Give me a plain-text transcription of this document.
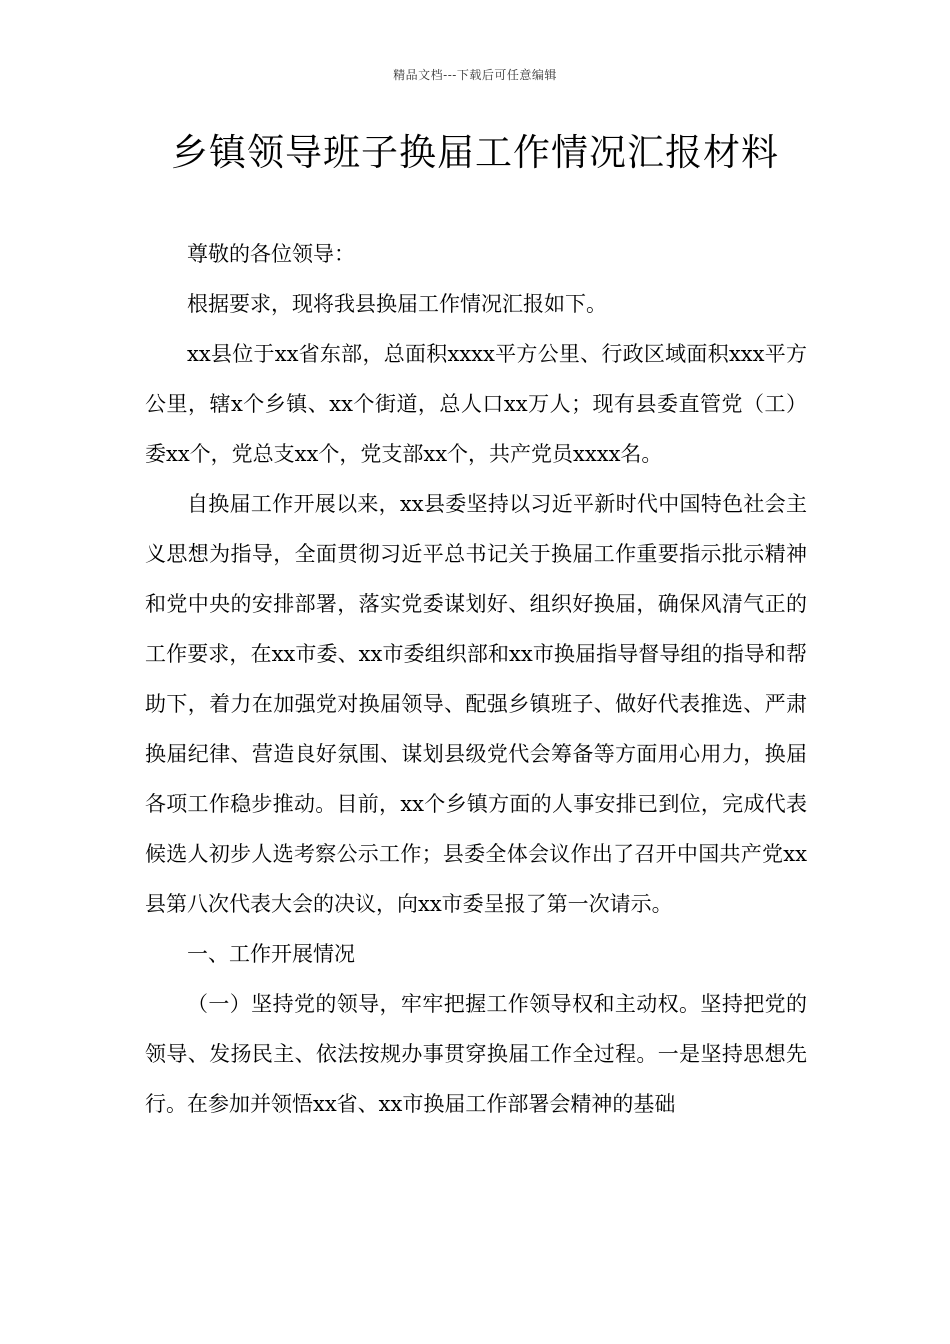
精品文档---下载后可任意编辑
乡镇领导班子换届工作情况汇报材料

尊敬的各位领导：

根据要求，现将我县换届工作情况汇报如下。

xx县位于xx省东部，总面积xxxx平方公里、行政区域面积xxx平方公里，辖x个乡镇、xx个街道，总人口xx万人；现有县委直管党（工）委xx个，党总支xx个，党支部xx个，共产党员xxxx名。

自换届工作开展以来，xx县委坚持以习近平新时代中国特色社会主义思想为指导，全面贯彻习近平总书记关于换届工作重要指示批示精神和党中央的安排部署，落实党委谋划好、组织好换届，确保风清气正的工作要求，在xx市委、xx市委组织部和xx市换届指导督导组的指导和帮助下，着力在加强党对换届领导、配强乡镇班子、做好代表推选、严肃换届纪律、营造良好氛围、谋划县级党代会筹备等方面用心用力，换届各项工作稳步推动。目前，xx个乡镇方面的人事安排已到位，完成代表候选人初步人选考察公示工作；县委全体会议作出了召开中国共产党xx县第八次代表大会的决议，向xx市委呈报了第一次请示。

一、工作开展情况

（一）坚持党的领导，牢牢把握工作领导权和主动权。坚持把党的领导、发扬民主、依法按规办事贯穿换届工作全过程。一是坚持思想先行。在参加并领悟xx省、xx市换届工作部署会精神的基础
